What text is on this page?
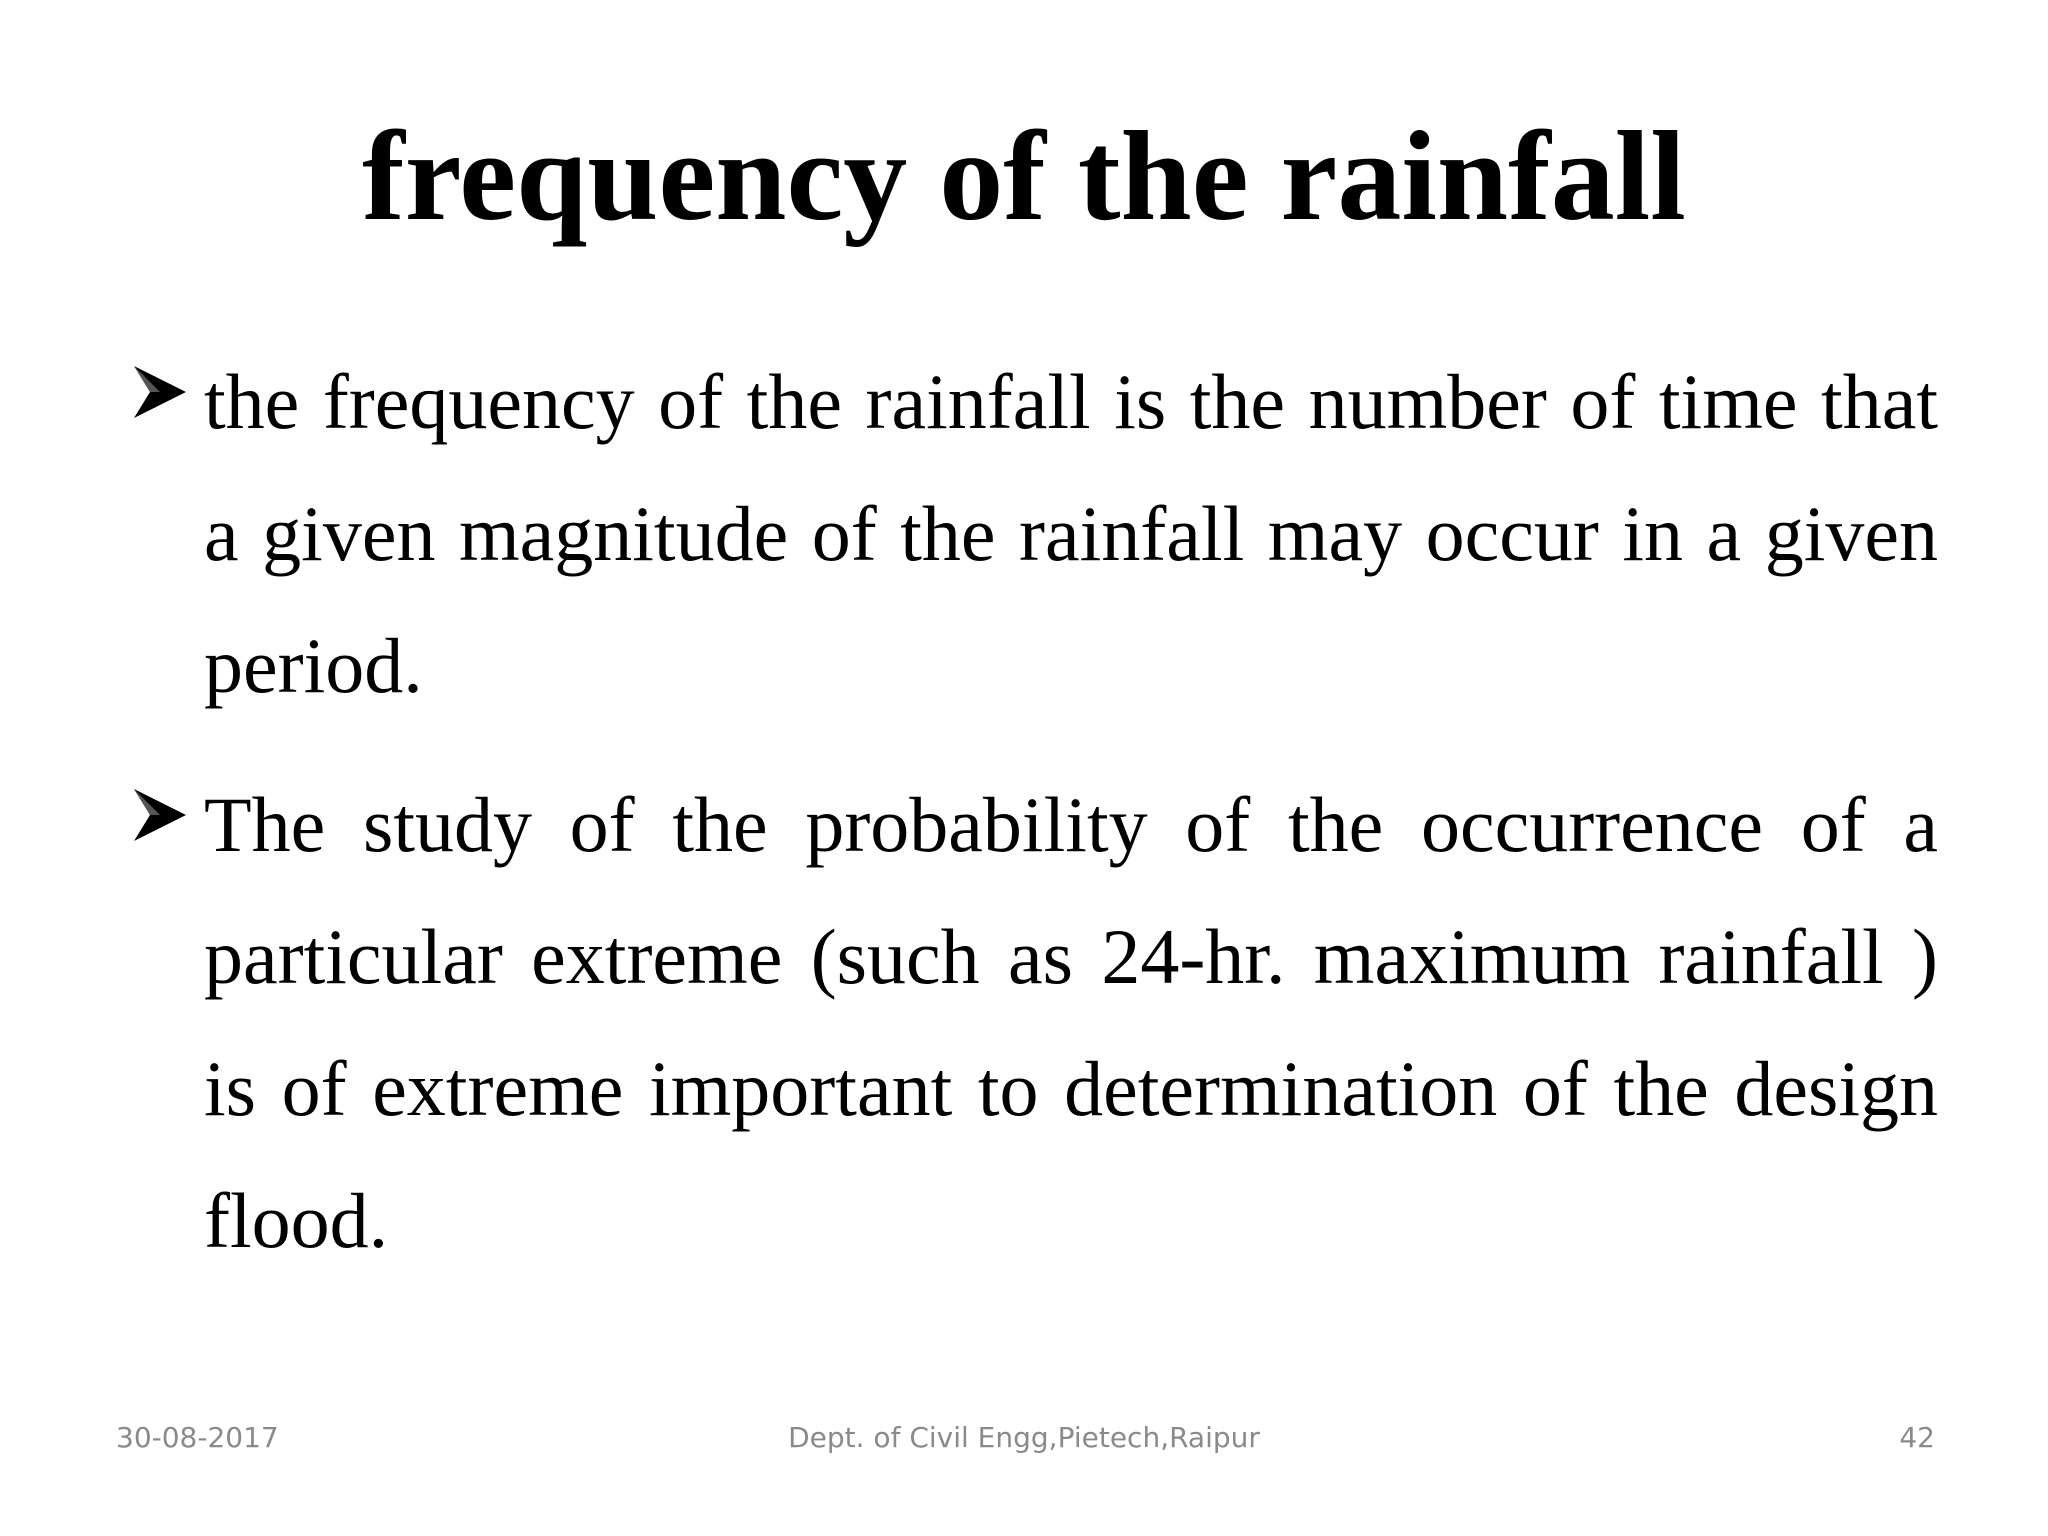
frequency of the rainfall
the frequency of the rainfall is the number of time that a given magnitude of the rainfall may occur in a given period.
The study of the probability of the occurrence of a particular extreme (such as 24-hr. maximum rainfall ) is of extreme important to determination of the design flood.
30-08-2017	Dept. of Civil Engg,Pietech,Raipur	42
